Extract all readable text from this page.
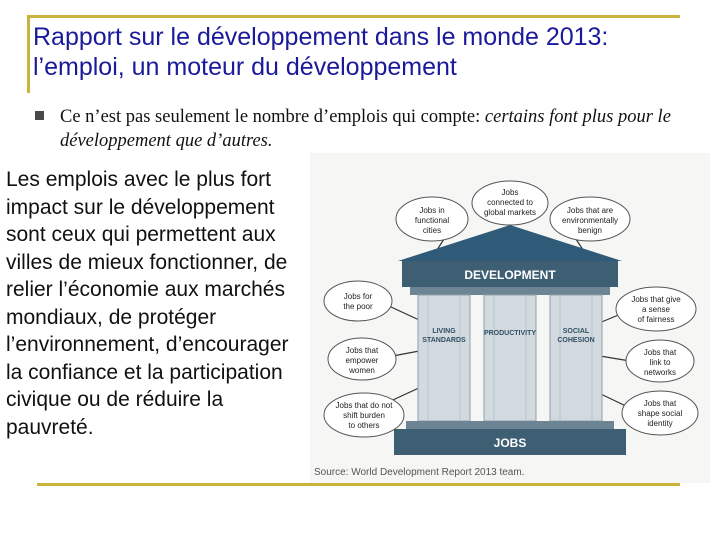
Rapport sur le développement dans le monde 2013: l’emploi, un moteur du développement
Ce n’est pas seulement le nombre d’emplois qui compte: certains font plus pour le développement que d’autres.
Les emplois avec le plus fort impact sur le développement sont ceux qui permettent aux villes de mieux fonctionner, de relier l’économie aux marchés mondiaux, de protéger l’environnement, d’encourager la confiance et la participation civique ou de réduire la pauvreté.
DEVELOPMENT
LIVING
STANDARDS
PRODUCTIVITY	SOCIAL
COHESION
JOBS
Jobs in
functional
cities
Jobs
connected to
global markets	Jobs that are
environmentally
benign
Jobs for
the poor
Jobs that
empower
women
Jobs that do not
shift burden
to others
Jobs that give
a sense
of fairness
Jobs that
link to
networks
Jobs that
shape social
identity
Source: World Development Report 2013 team.
